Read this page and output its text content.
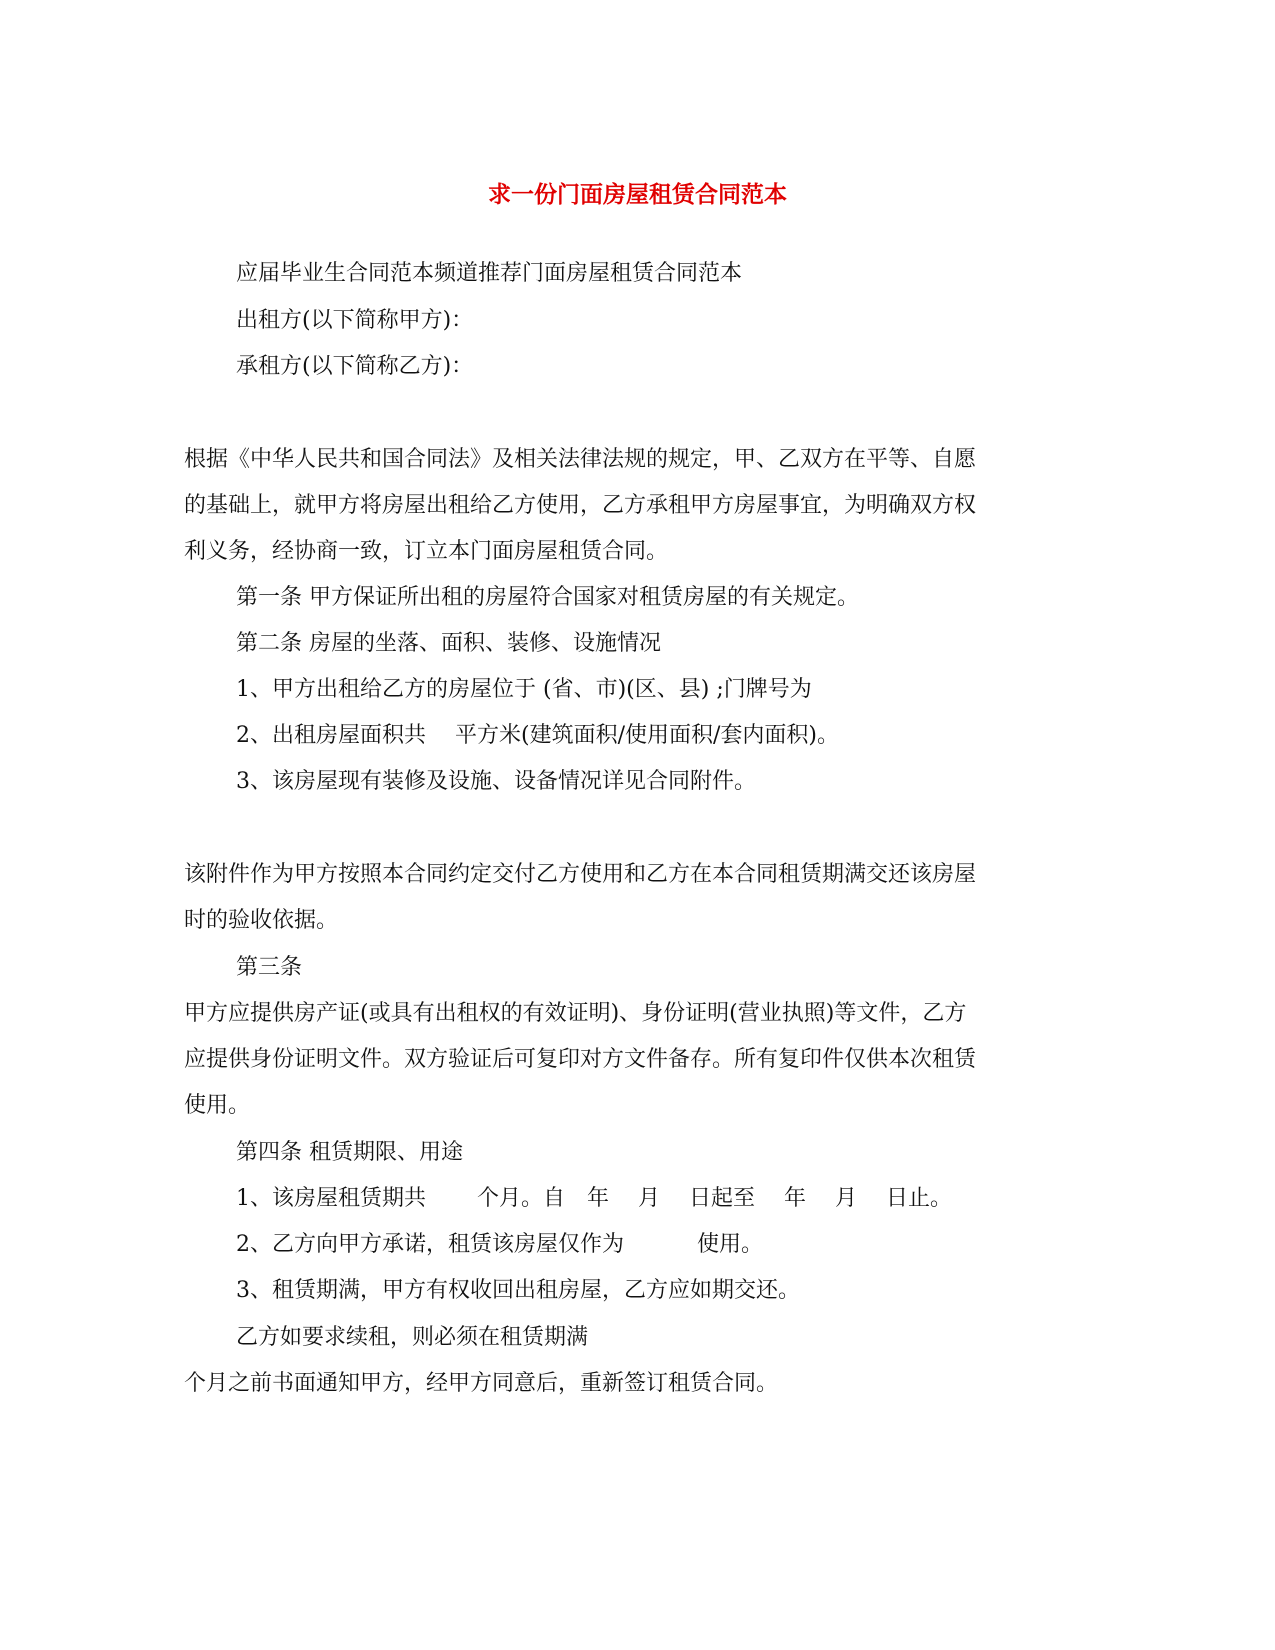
求一份门面房屋租赁合同范本
应届毕业生合同范本频道推荐门面房屋租赁合同范本
出租方(以下简称甲方)：
承租方(以下简称乙方)：
根据《中华人民共和国合同法》及相关法律法规的规定，甲、乙双方在平等、自愿
的基础上，就甲方将房屋出租给乙方使用，乙方承租甲方房屋事宜，为明确双方权
利义务，经协商一致，订立本门面房屋租赁合同。
第一条 甲方保证所出租的房屋符合国家对租赁房屋的有关规定。
第二条 房屋的坐落、面积、装修、设施情况
1、甲方出租给乙方的房屋位于 (省、市)(区、县) ;门牌号为
2、出租房屋面积共　 平方米(建筑面积/使用面积/套内面积)。
3、该房屋现有装修及设施、设备情况详见合同附件。
该附件作为甲方按照本合同约定交付乙方使用和乙方在本合同租赁期满交还该房屋
时的验收依据。
第三条
甲方应提供房产证(或具有出租权的有效证明)、身份证明(营业执照)等文件，乙方
应提供身份证明文件。双方验证后可复印对方文件备存。所有复印件仅供本次租赁
使用。
第四条 租赁期限、用途
1、该房屋租赁期共　　 个月。自　年　 月　 日起至　 年　 月　 日止。
2、乙方向甲方承诺，租赁该房屋仅作为　　　 使用。
3、租赁期满，甲方有权收回出租房屋，乙方应如期交还。
乙方如要求续租，则必须在租赁期满
个月之前书面通知甲方，经甲方同意后，重新签订租赁合同。
